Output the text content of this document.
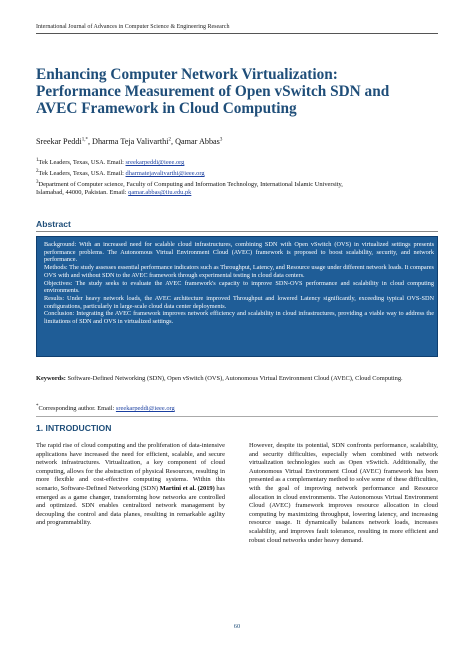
International Journal of Advances in Computer Science & Engineering Research
Enhancing Computer Network Virtualization:
Performance Measurement of Open vSwitch SDN and
AVEC Framework in Cloud Computing
Sreekar Peddi$^{1,*}$, Dharma Teja Valivarthi$^2$, Qamar Abbas$^3$
$^1$Tek Leaders, Texas, USA. Email: sreekarpeddi@ieee.org
$^2$Tek Leaders, Texas, USA. Email: dharmatejavalivarthi@ieee.org
$^3$Department of Computer science, Faculty of Computing and Information Technology, International Islamic University,
Islamabad, 44000, Pakistan. Email: qamar.abbas@iiu.edu.pk
Abstract

Background: With an increased need for scalable cloud infrastructures, combining SDN with Open vSwitch (OVS) in virtualized settings presents performance problems. The Autonomous Virtual Environment Cloud (AVEC) framework is proposed to boost scalability, security, and network performance.

Methods: The study assesses essential performance indicators such as Throughput, Latency, and Resource usage under different network loads. It compares OVS with and without SDN to the AVEC framework through experimental testing in cloud data centers.

Objectives: The study seeks to evaluate the AVEC framework's capacity to improve SDN-OVS performance and scalability in cloud computing environments.

Results: Under heavy network loads, the AVEC architecture improved Throughput and lowered Latency significantly, exceeding typical OVS-SDN configurations, particularly in large-scale cloud data center deployments.

Conclusion: Integrating the AVEC framework improves network efficiency and scalability in cloud infrastructures, providing a viable way to address the limitations of SDN and OVS in virtualized settings.

Keywords: Software-Defined Networking (SDN), Open vSwitch (OVS), Autonomous Virtual Environment Cloud (AVEC), Cloud Computing.
*Corresponding author. Email: sreekarpeddi@ieee.org
1. INTRODUCTION

The rapid rise of cloud computing and the proliferation of data-intensive applications have increased the need for efficient, scalable, and secure network infrastructures. Virtualization, a key component of cloud computing, allows for the abstraction of physical Resources, resulting in more flexible and cost-effective computing systems. Within this scenario, Software-Defined Networking (SDN) Martini et al. (2019) has emerged as a game changer, transforming how networks are controlled and optimized. SDN enables centralized network management by decoupling the control and data planes, resulting in remarkable agility and programmability.

However, despite its potential, SDN confronts performance, scalability, and security difficulties, especially when combined with network virtualization technologies such as Open vSwitch. Additionally, the Autonomous Virtual Environment Cloud (AVEC) framework has been presented as a complementary method to solve some of these difficulties, with the goal of improving network performance and Resource allocation in cloud environments. The Autonomous Virtual Environment Cloud (AVEC) framework improves resource allocation in cloud computing by maximizing throughput, lowering latency, and increasing resource usage. It dynamically balances network loads, increases scalability, and improves fault tolerance, resulting in more efficient and robust cloud networks under heavy demand.

60
